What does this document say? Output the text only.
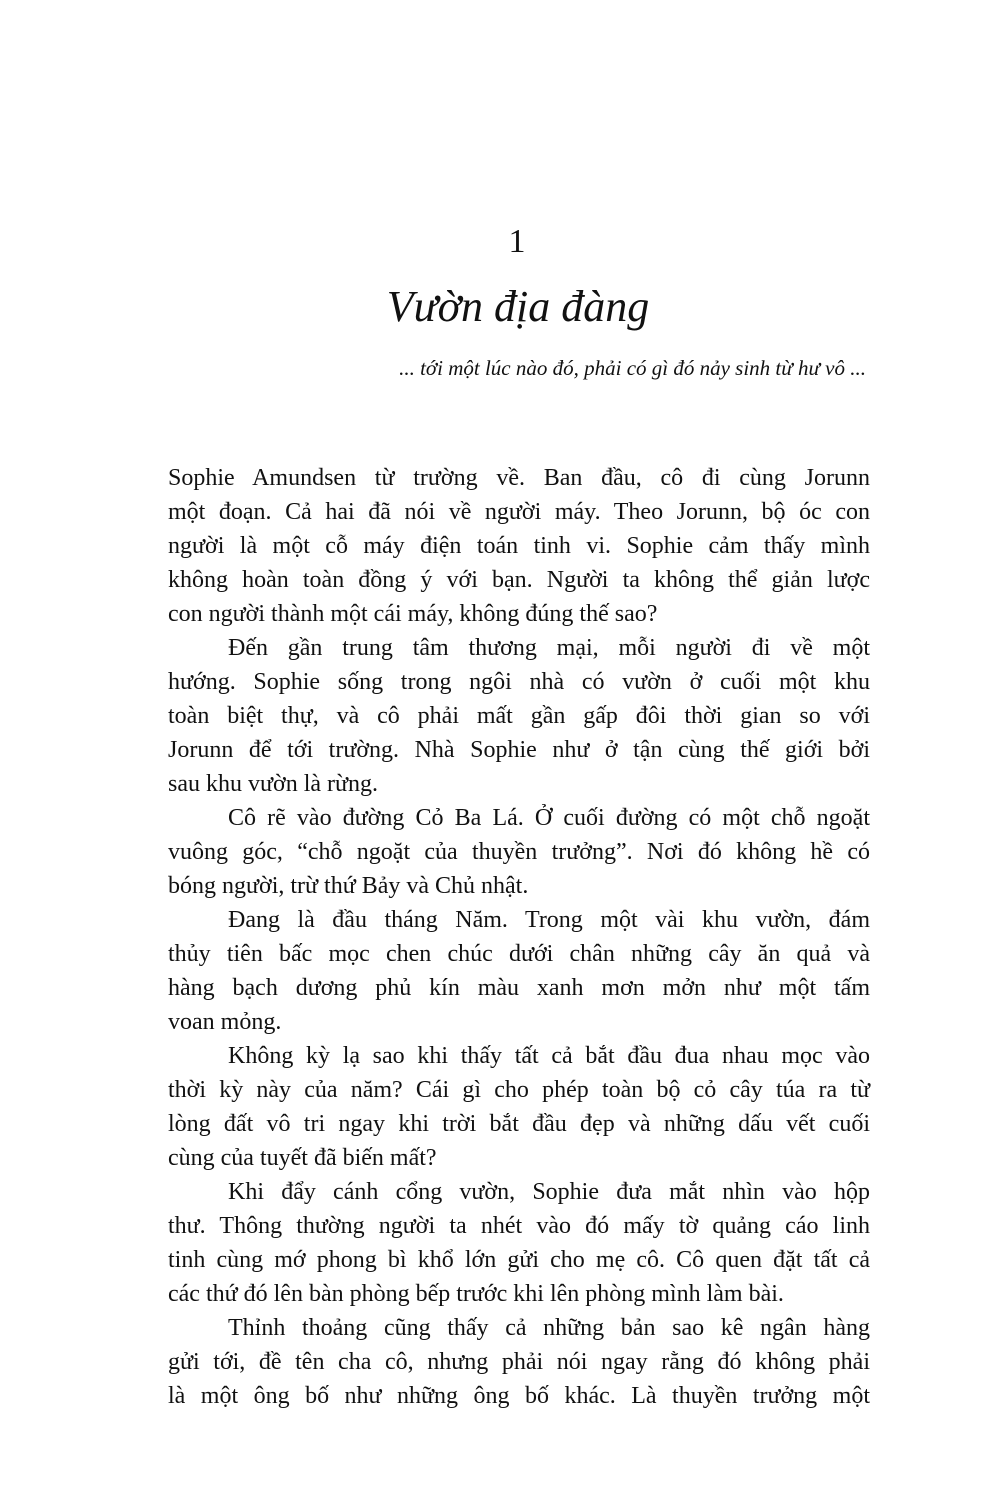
1
Vườn địa đàng
... tới một lúc nào đó, phải có gì đó nảy sinh từ hư vô ...

Sophie Amundsen từ trường về. Ban đầu, cô đi cùng Jorunn
một đoạn. Cả hai đã nói về người máy. Theo Jorunn, bộ óc con
người là một cỗ máy điện toán tinh vi. Sophie cảm thấy mình
không hoàn toàn đồng ý với bạn. Người ta không thể giản lược
con người thành một cái máy, không đúng thế sao?

Đến gần trung tâm thương mại, mỗi người đi về một
hướng. Sophie sống trong ngôi nhà có vườn ở cuối một khu
toàn biệt thự, và cô phải mất gần gấp đôi thời gian so với
Jorunn để tới trường. Nhà Sophie như ở tận cùng thế giới bởi
sau khu vườn là rừng.

Cô rẽ vào đường Cỏ Ba Lá. Ở cuối đường có một chỗ ngoặt
vuông góc, “chỗ ngoặt của thuyền trưởng”. Nơi đó không hề có
bóng người, trừ thứ Bảy và Chủ nhật.

Đang là đầu tháng Năm. Trong một vài khu vườn, đám
thủy tiên bấc mọc chen chúc dưới chân những cây ăn quả và
hàng bạch dương phủ kín màu xanh mơn mởn như một tấm
voan mỏng.

Không kỳ lạ sao khi thấy tất cả bắt đầu đua nhau mọc vào
thời kỳ này của năm? Cái gì cho phép toàn bộ cỏ cây túa ra từ
lòng đất vô tri ngay khi trời bắt đầu đẹp và những dấu vết cuối
cùng của tuyết đã biến mất?

Khi đẩy cánh cổng vườn, Sophie đưa mắt nhìn vào hộp
thư. Thông thường người ta nhét vào đó mấy tờ quảng cáo linh
tinh cùng mớ phong bì khổ lớn gửi cho mẹ cô. Cô quen đặt tất cả
các thứ đó lên bàn phòng bếp trước khi lên phòng mình làm bài.

Thỉnh thoảng cũng thấy cả những bản sao kê ngân hàng
gửi tới, đề tên cha cô, nhưng phải nói ngay rằng đó không phải
là một ông bố như những ông bố khác. Là thuyền trưởng một
